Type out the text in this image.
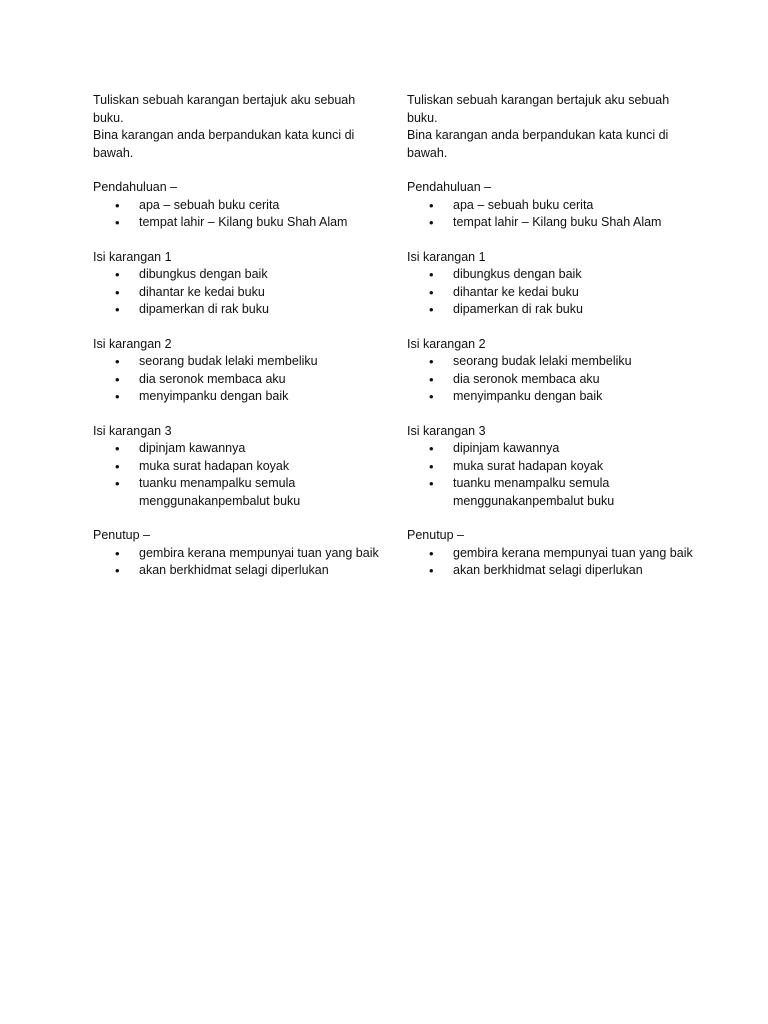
Tuliskan sebuah karangan bertajuk aku sebuah buku.

Bina karangan anda berpandukan kata kunci di bawah.

Pendahuluan –

• apa – sebuah buku cerita
• tempat lahir – Kilang buku Shah Alam

Isi karangan 1

• dibungkus dengan baik
• dihantar ke kedai buku
• dipamerkan di rak buku

Isi karangan 2

• seorang budak lelaki membeliku
• dia seronok membaca aku
• menyimpanku dengan baik

Isi karangan 3

• dipinjam kawannya
• muka surat hadapan koyak
• tuanku menampalku semula menggunakanpembalut buku

Penutup –

• gembira kerana mempunyai tuan yang baik
• akan berkhidmat selagi diperlukan

Tuliskan sebuah karangan bertajuk aku sebuah buku.

Bina karangan anda berpandukan kata kunci di bawah.

Pendahuluan –

• apa – sebuah buku cerita
• tempat lahir – Kilang buku Shah Alam

Isi karangan 1

• dibungkus dengan baik
• dihantar ke kedai buku
• dipamerkan di rak buku

Isi karangan 2

• seorang budak lelaki membeliku
• dia seronok membaca aku
• menyimpanku dengan baik

Isi karangan 3

• dipinjam kawannya
• muka surat hadapan koyak
• tuanku menampalku semula menggunakanpembalut buku

Penutup –

• gembira kerana mempunyai tuan yang baik
• akan berkhidmat selagi diperlukan
